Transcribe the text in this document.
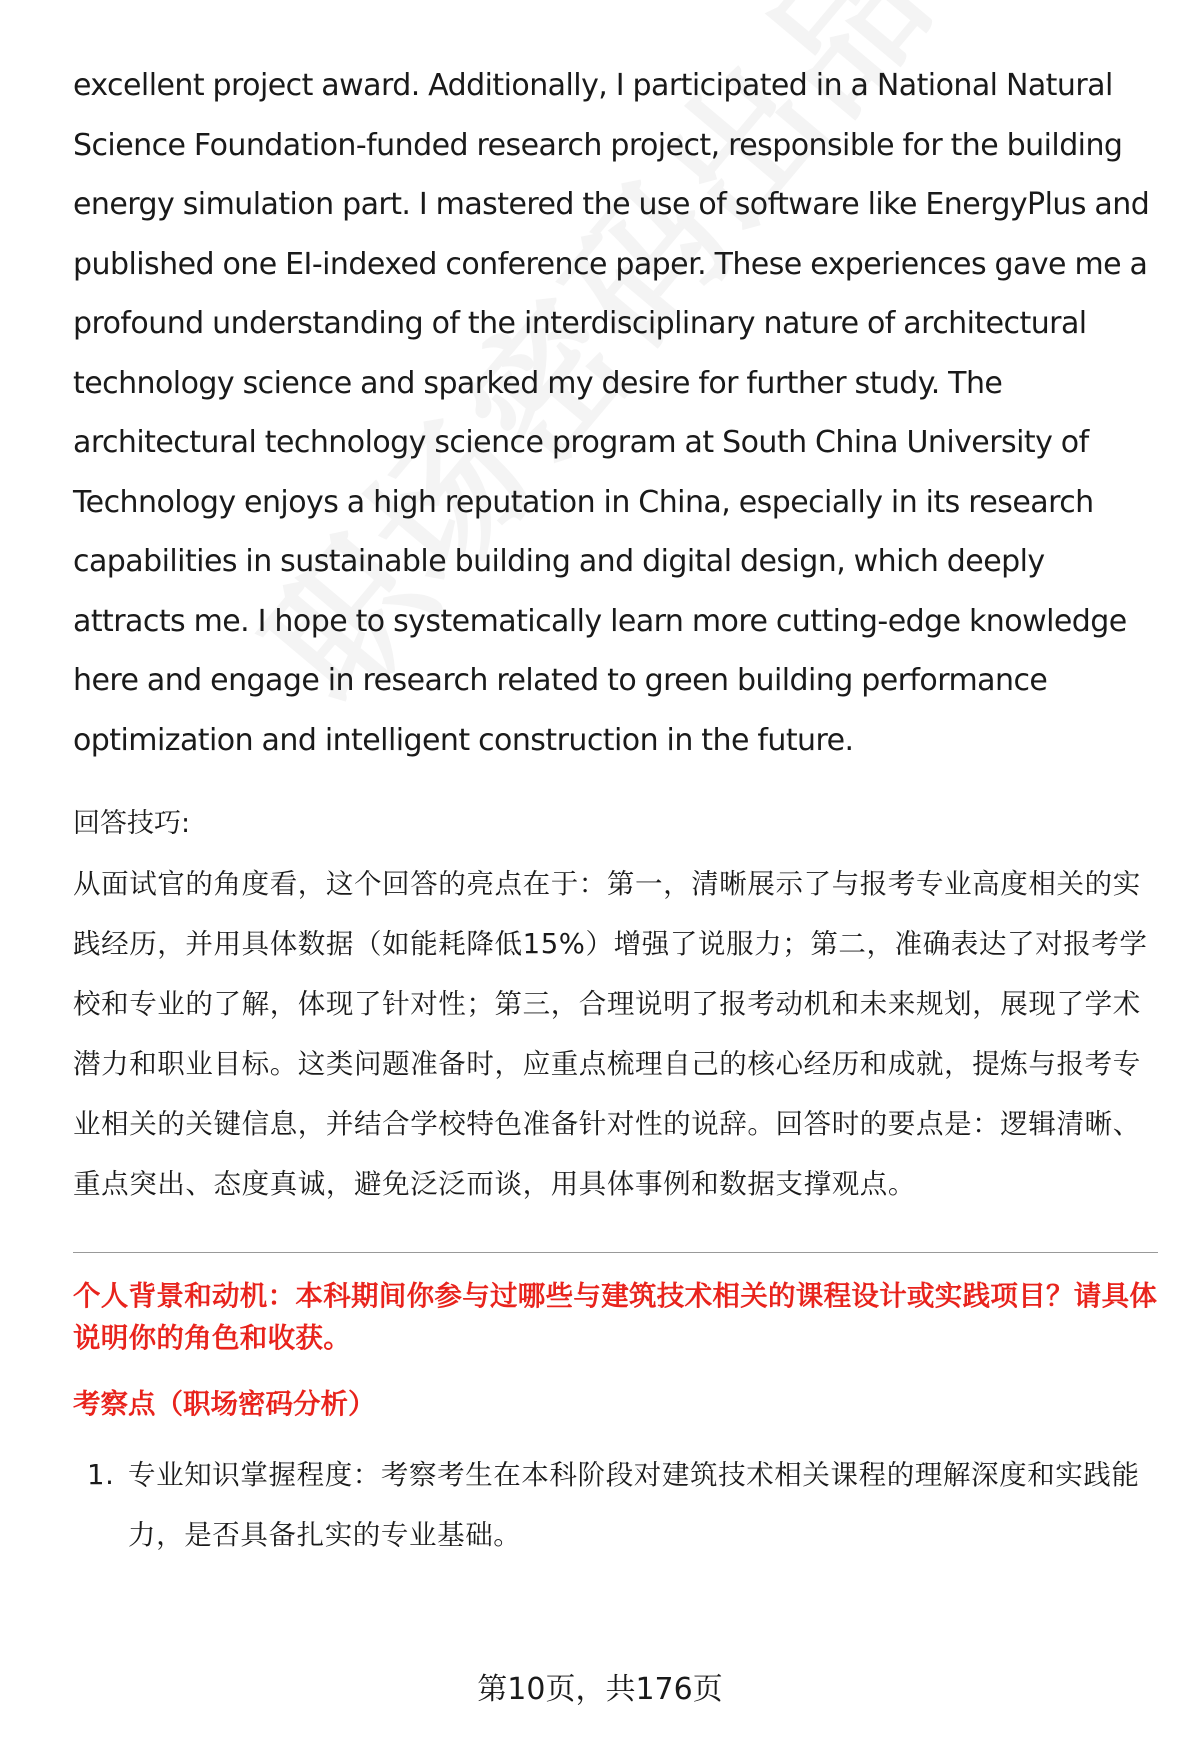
excellent project award. Additionally, I participated in a National Natural Science Foundation-funded research project, responsible for the building energy simulation part. I mastered the use of software like EnergyPlus and published one EI-indexed conference paper. These experiences gave me a profound understanding of the interdisciplinary nature of architectural technology science and sparked my desire for further study. The architectural technology science program at South China University of Technology enjoys a high reputation in China, especially in its research capabilities in sustainable building and digital design, which deeply attracts me. I hope to systematically learn more cutting-edge knowledge here and engage in research related to green building performance optimization and intelligent construction in the future.

回答技巧:

从面试官的角度看，这个回答的亮点在于：第一，清晰展示了与报考专业高度相关的实践经历，并用具体数据（如能耗降低15%）增强了说服力；第二，准确表达了对报考学校和专业的了解，体现了针对性；第三，合理说明了报考动机和未来规划，展现了学术潜力和职业目标。这类问题准备时，应重点梳理自己的核心经历和成就，提炼与报考专业相关的关键信息，并结合学校特色准备针对性的说辞。回答时的要点是：逻辑清晰、重点突出、态度真诚，避免泛泛而谈，用具体事例和数据支撑观点。

个人背景和动机：本科期间你参与过哪些与建筑技术相关的课程设计或实践项目？请具体说明你的角色和收获。

考察点（职场密码分析）

1. 专业知识掌握程度：考察考生在本科阶段对建筑技术相关课程的理解深度和实践能力，是否具备扎实的专业基础。
第10页，共176页
